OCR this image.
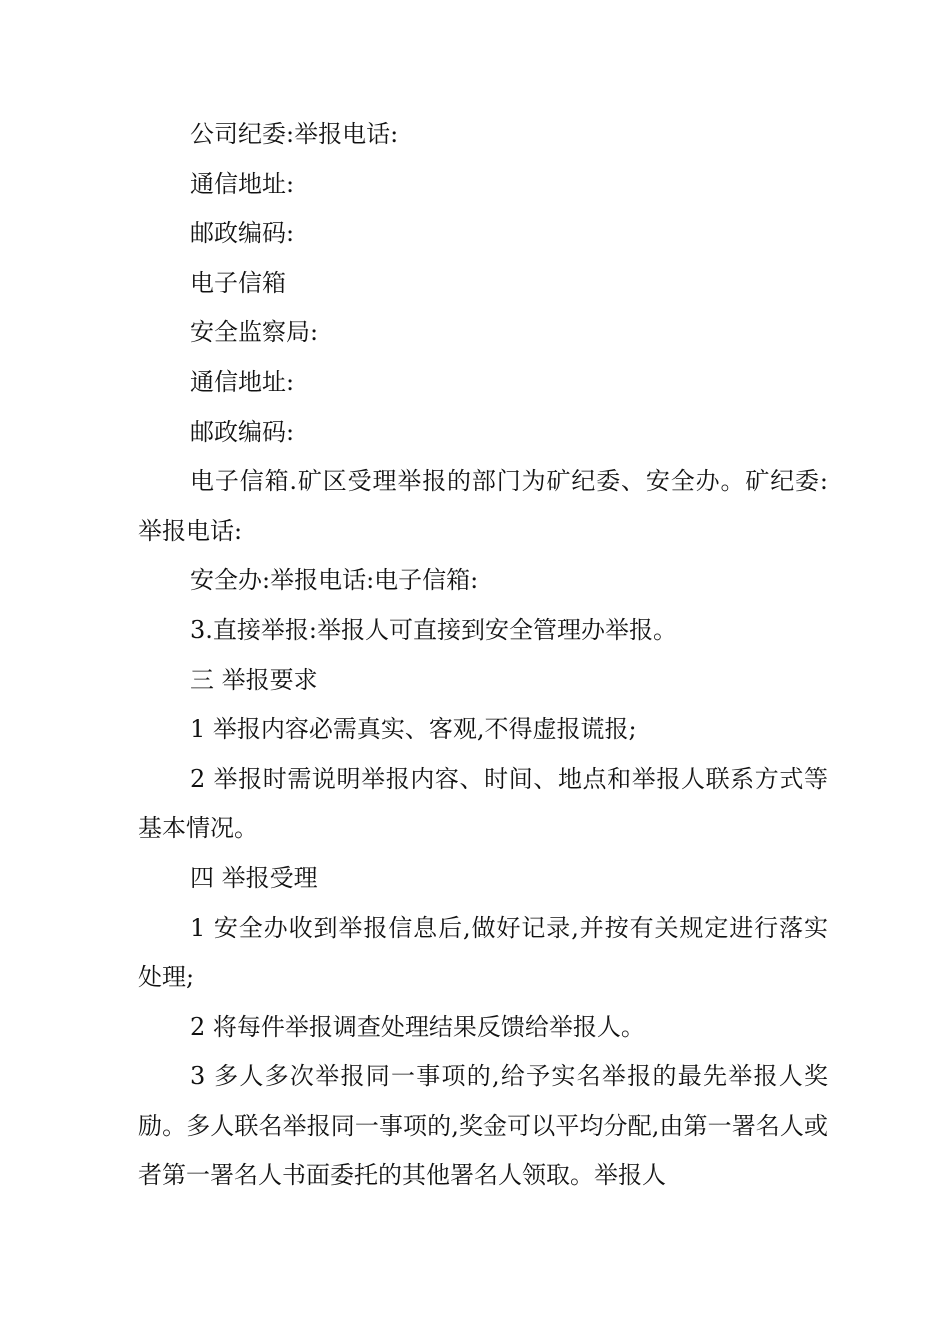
公司纪委:举报电话:

通信地址:

邮政编码:

电子信箱

安全监察局:

通信地址:

邮政编码:

电子信箱.矿区受理举报的部门为矿纪委、安全办。矿纪委:举报电话:

安全办:举报电话:电子信箱:

3.直接举报:举报人可直接到安全管理办举报。

三 举报要求

1 举报内容必需真实、客观,不得虚报谎报;

2 举报时需说明举报内容、时间、地点和举报人联系方式等基本情况。

四 举报受理

1 安全办收到举报信息后,做好记录,并按有关规定进行落实处理;

2 将每件举报调查处理结果反馈给举报人。

3 多人多次举报同一事项的,给予实名举报的最先举报人奖励。多人联名举报同一事项的,奖金可以平均分配,由第一署名人或者第一署名人书面委托的其他署名人领取。举报人
